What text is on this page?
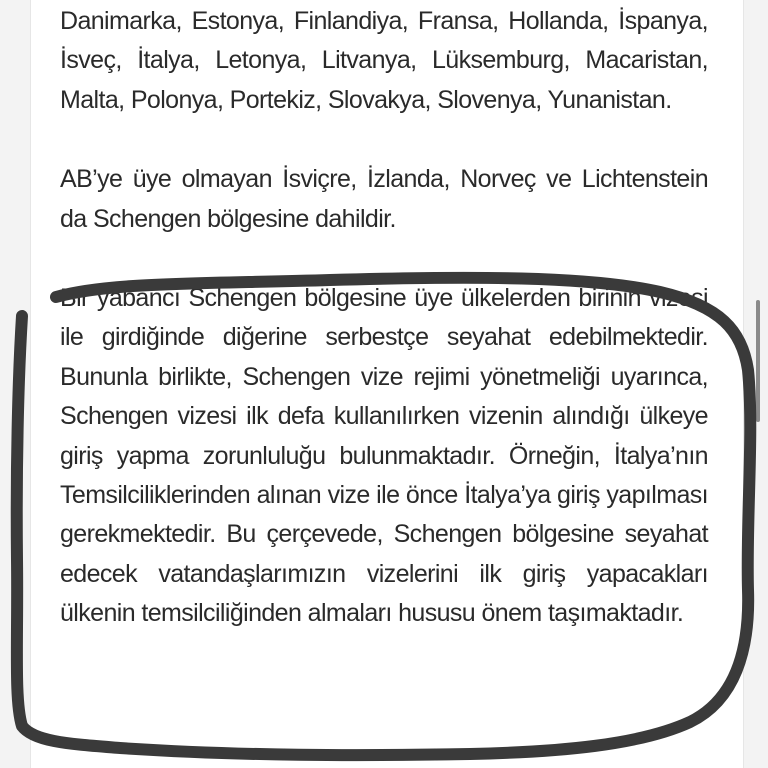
Danimarka, Estonya, Finlandiya, Fransa, Hollanda, İspanya, İsveç, İtalya, Letonya, Litvanya, Lüksemburg, Macaristan, Malta, Polonya, Portekiz, Slovakya, Slovenya, Yunanistan.

AB’ye üye olmayan İsviçre, İzlanda, Norveç ve Lichtenstein da Schengen bölgesine dahildir.

Bir yabancı Schengen bölgesine üye ülkelerden birinin vizesi ile girdiğinde diğerine serbestçe seyahat edebilmektedir. Bununla birlikte, Schengen vize rejimi yönetmeliği uyarınca, Schengen vizesi ilk defa kullanılırken vizenin alındığı ülkeye giriş yapma zorunluluğu bulunmaktadır. Örneğin, İtalya’nın Temsilciliklerinden alınan vize ile önce İtalya’ya giriş yapılması gerekmektedir. Bu çerçevede, Schengen bölgesine seyahat edecek vatandaşlarımızın vizelerini ilk giriş yapacakları ülkenin temsilciliğinden almaları hususu önem taşımaktadır.
